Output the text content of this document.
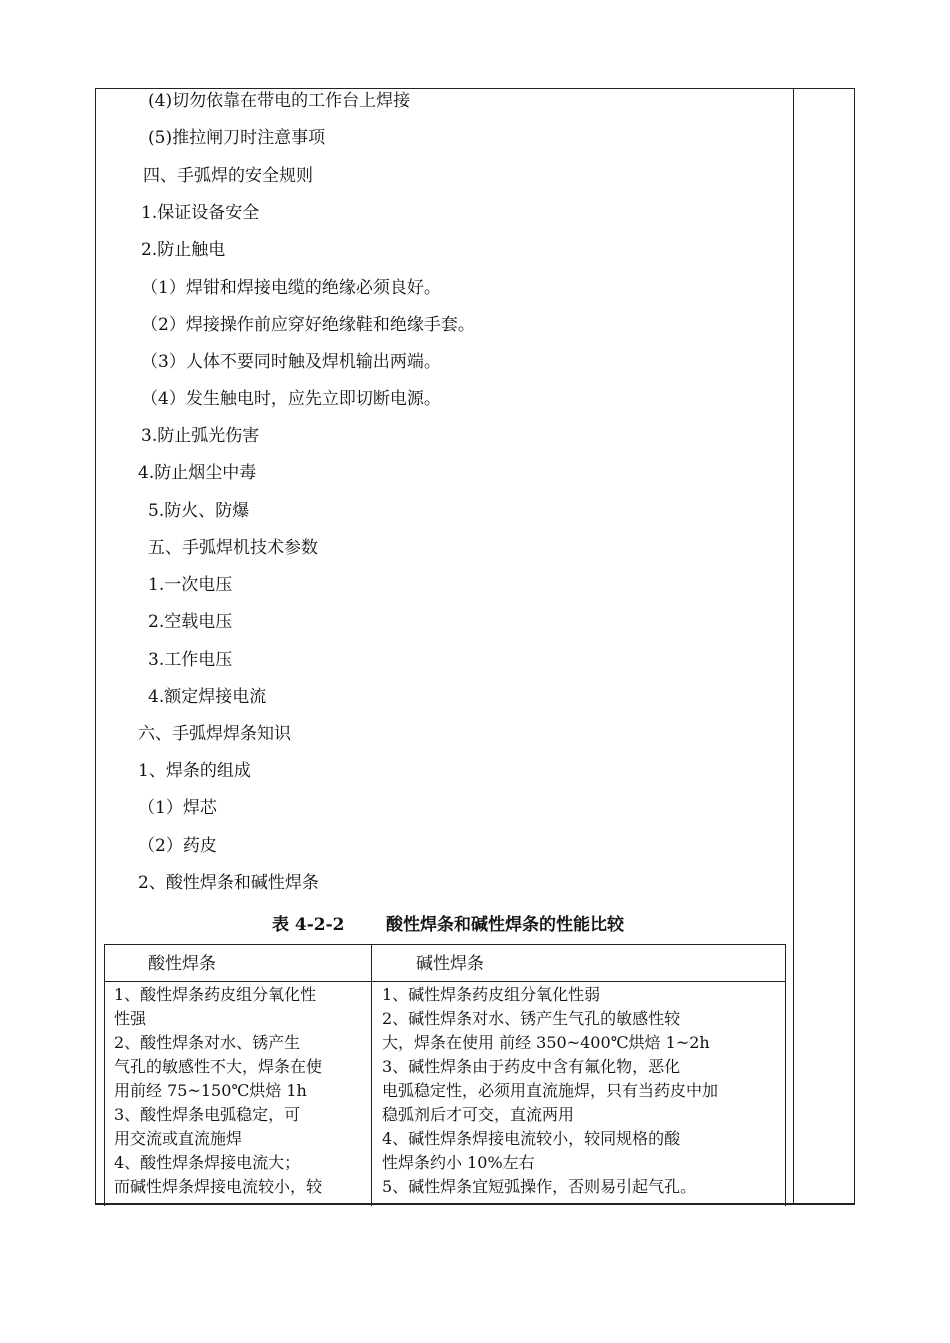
(4)切勿依靠在带电的工作台上焊接
(5)推拉闸刀时注意事项
四、手弧焊的安全规则
1.保证设备安全
2.防止触电
（1）焊钳和焊接电缆的绝缘必须良好。
（2）焊接操作前应穿好绝缘鞋和绝缘手套。
（3）人体不要同时触及焊机输出两端。
（4）发生触电时，应先立即切断电源。
3.防止弧光伤害
4.防止烟尘中毒
5.防火、防爆
五、手弧焊机技术参数
1.一次电压
2.空载电压
3.工作电压
4.额定焊接电流
六、手弧焊焊条知识
1、焊条的组成
（1）焊芯
（2）药皮
2、酸性焊条和碱性焊条
表 4-2-2       酸性焊条和碱性焊条的性能比较
酸性焊条	碱性焊条
1、酸性焊条药皮组分氧化性
性强
2、酸性焊条对水、锈产生
气孔的敏感性不大，焊条在使
用前经 75~150℃烘焙 1h
3、酸性焊条电弧稳定，可
用交流或直流施焊
4、酸性焊条焊接电流大；
而碱性焊条焊接电流较小，较
1、碱性焊条药皮组分氧化性弱
2、碱性焊条对水、锈产生气孔的敏感性较
大，焊条在使用 前经 350~400℃烘焙 1~2h
3、碱性焊条由于药皮中含有氟化物，恶化
电弧稳定性，必须用直流施焊，只有当药皮中加
稳弧剂后才可交，直流两用
4、碱性焊条焊接电流较小，较同规格的酸
性焊条约小 10%左右
5、碱性焊条宜短弧操作，否则易引起气孔。
